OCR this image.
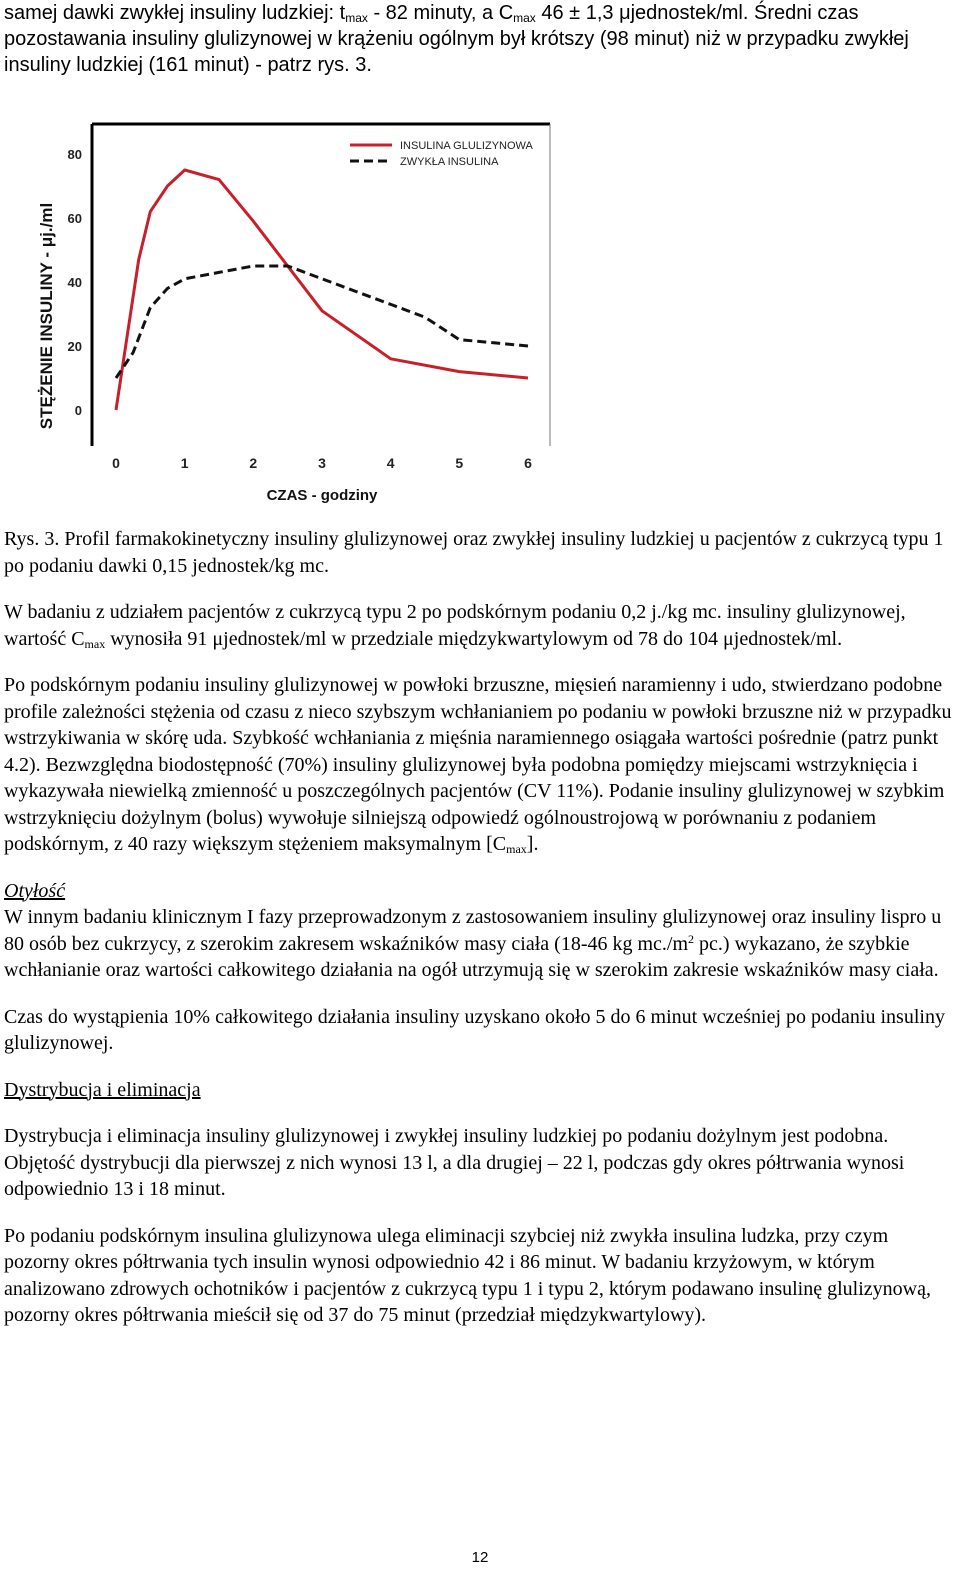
samej dawki zwykłej insuliny ludzkiej: $t_{max} - 82$ minuty, a $C_{max}$ 46 ± 1,3 μjednostek/ml. Średni czas pozostawania insuliny glulizynowej w krążeniu ogólnym był krótszy (98 minut) niż w przypadku zwykłej insuliny ludzkiej (161 minut) - patrz rys. 3.

0
20
40
60
80
0	1	2	3	4	5	6
INSULINA GLULIZYNOWA
ZWYKŁA INSULINA
CZAS - godziny
STĘŻENIE INSULINY - μj./ml

Rys. 3. Profil farmakokinetyczny insuliny glulizynowej oraz zwykłej insuliny ludzkiej u pacjentów z cukrzycą typu 1 po podaniu dawki 0,15 jednostek/kg mc.

W badaniu z udziałem pacjentów z cukrzycą typu 2 po podskórnym podaniu 0,2 j./kg mc. insuliny glulizynowej, wartość $C_{max}$ wynosiła 91 μjednostek/ml w przedziale międzykwartylowym od 78 do 104 μjednostek/ml.

Po podskórnym podaniu insuliny glulizynowej w powłoki brzuszne, mięsień naramienny i udo, stwierdzano podobne profile zależności stężenia od czasu z nieco szybszym wchłanianiem po podaniu w powłoki brzuszne niż w przypadku wstrzykiwania w skórę uda. Szybkość wchłaniania z mięśnia naramiennego osiągała wartości pośrednie (patrz punkt 4.2). Bezwzględna biodostępność (70%) insuliny glulizynowej była podobna pomiędzy miejscami wstrzyknięcia i wykazywała niewielką zmienność u poszczególnych pacjentów (CV 11%). Podanie insuliny glulizynowej w szybkim wstrzyknięciu dożylnym (bolus) wywołuje silniejszą odpowiedź ogólnoustrojową w porównaniu z podaniem podskórnym, z 40 razy większym stężeniem maksymalnym $[C_{max}]$.

Otyłość
W innym badaniu klinicznym I fazy przeprowadzonym z zastosowaniem insuliny glulizynowej oraz insuliny lispro u 80 osób bez cukrzycy, z szerokim zakresem wskaźników masy ciała (18-46 kg $mc./m^2$ pc.) wykazano, że szybkie wchłanianie oraz wartości całkowitego działania na ogół utrzymują się w szerokim zakresie wskaźników masy ciała.

Czas do wystąpienia 10% całkowitego działania insuliny uzyskano około 5 do 6 minut wcześniej po podaniu insuliny glulizynowej.

Dystrybucja i eliminacja

Dystrybucja i eliminacja insuliny glulizynowej i zwykłej insuliny ludzkiej po podaniu dożylnym jest podobna. Objętość dystrybucji dla pierwszej z nich wynosi 13 l, a dla drugiej – 22 l, podczas gdy okres półtrwania wynosi odpowiednio 13 i 18 minut.

Po podaniu podskórnym insulina glulizynowa ulega eliminacji szybciej niż zwykła insulina ludzka, przy czym pozorny okres półtrwania tych insulin wynosi odpowiednio 42 i 86 minut. W badaniu krzyżowym, w którym analizowano zdrowych ochotników i pacjentów z cukrzycą typu 1 i typu 2, którym podawano insulinę glulizynową, pozorny okres półtrwania mieścił się od 37 do 75 minut (przedział międzykwartylowy).

12
